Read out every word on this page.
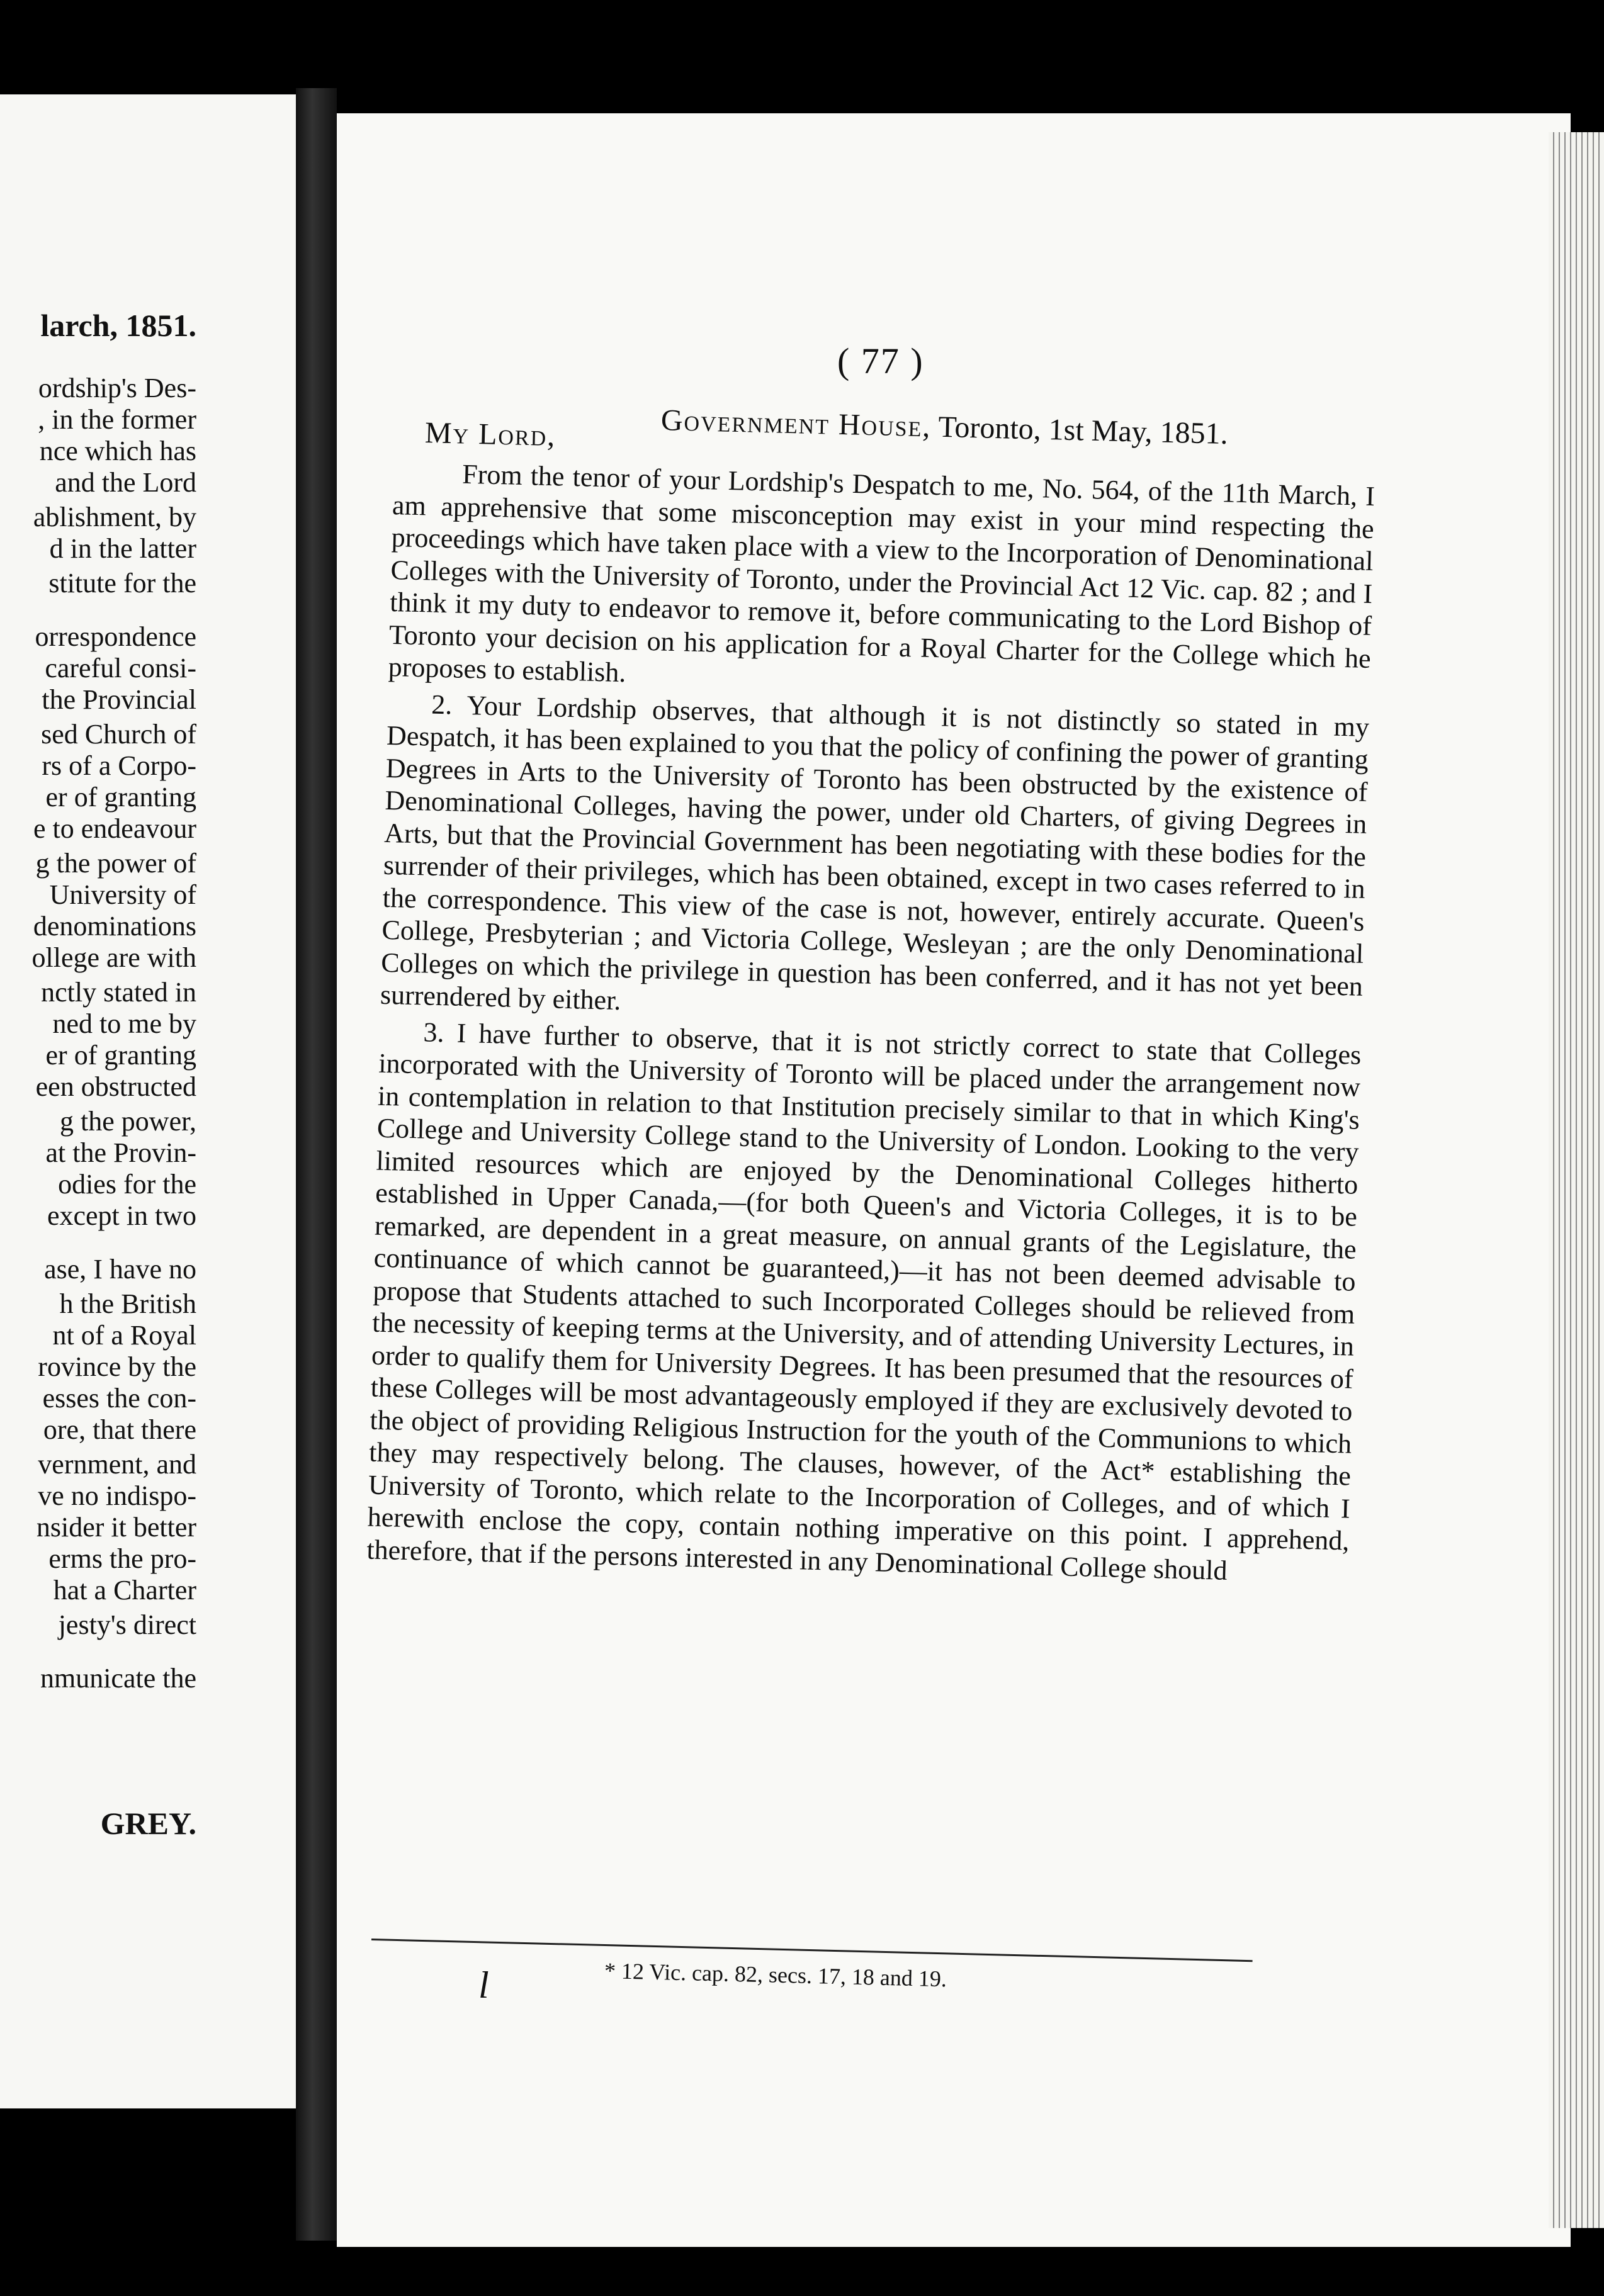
larch, 1851.
ordship's Des-
, in the former
nce which has
and the Lord
ablishment, by
d in the latter
stitute for the
orrespondence
careful consi-
the Provincial
sed Church of
rs of a Corpo-
er of granting
e to endeavour
g the power of
University of
denominations
ollege are with
nctly stated in
ned to me by
er of granting
een obstructed
g the power,
at the Provin-
odies for the
except in two
ase, I have no
h the British
nt of a Royal
rovince by the
esses the con-
ore, that there
vernment, and
ve no indispo-
nsider it better
erms the pro-
hat a Charter
jesty's direct
nmunicate the
GREY.
( 77 )
Government House, Toronto, 1st May, 1851.
My Lord,

From the tenor of your Lordship's Despatch to me, No. 564, of the 11th March, I am apprehensive that some misconception may exist in your mind respecting the proceedings which have taken place with a view to the Incorporation of Denominational Colleges with the University of Toronto, under the Provincial Act 12 Vic. cap. 82 ; and I think it my duty to endeavor to remove it, before communicating to the Lord Bishop of Toronto your decision on his application for a Royal Charter for the College which he proposes to establish.

2. Your Lordship observes, that although it is not distinctly so stated in my Despatch, it has been explained to you that the policy of confining the power of granting Degrees in Arts to the University of Toronto has been obstructed by the existence of Denominational Colleges, having the power, under old Charters, of giving Degrees in Arts, but that the Provincial Government has been negotiating with these bodies for the surrender of their privileges, which has been obtained, except in two cases referred to in the correspondence. This view of the case is not, however, entirely accurate. Queen's College, Presbyterian ; and Victoria College, Wesleyan ; are the only Denominational Colleges on which the privilege in question has been conferred, and it has not yet been surrendered by either.

3. I have further to observe, that it is not strictly correct to state that Colleges incorporated with the University of Toronto will be placed under the arrangement now in contemplation in relation to that Institution precisely similar to that in which King's College and University College stand to the University of London. Looking to the very limited resources which are enjoyed by the Denominational Colleges hitherto established in Upper Canada,—(for both Queen's and Victoria Colleges, it is to be remarked, are dependent in a great measure, on annual grants of the Legislature, the continuance of which cannot be guaranteed,)—it has not been deemed advisable to propose that Students attached to such Incorporated Colleges should be relieved from the necessity of keeping terms at the University, and of attending University Lectures, in order to qualify them for University Degrees. It has been presumed that the resources of these Colleges will be most advantageously employed if they are exclusively devoted to the object of providing Religious Instruction for the youth of the Communions to which they may respectively belong. The clauses, however, of the Act* establishing the University of Toronto, which relate to the Incorporation of Colleges, and of which I herewith enclose the copy, contain nothing imperative on this point. I apprehend, therefore, that if the persons interested in any Denominational College should

* 12 Vic. cap. 82, secs. 17, 18 and 19.
l
